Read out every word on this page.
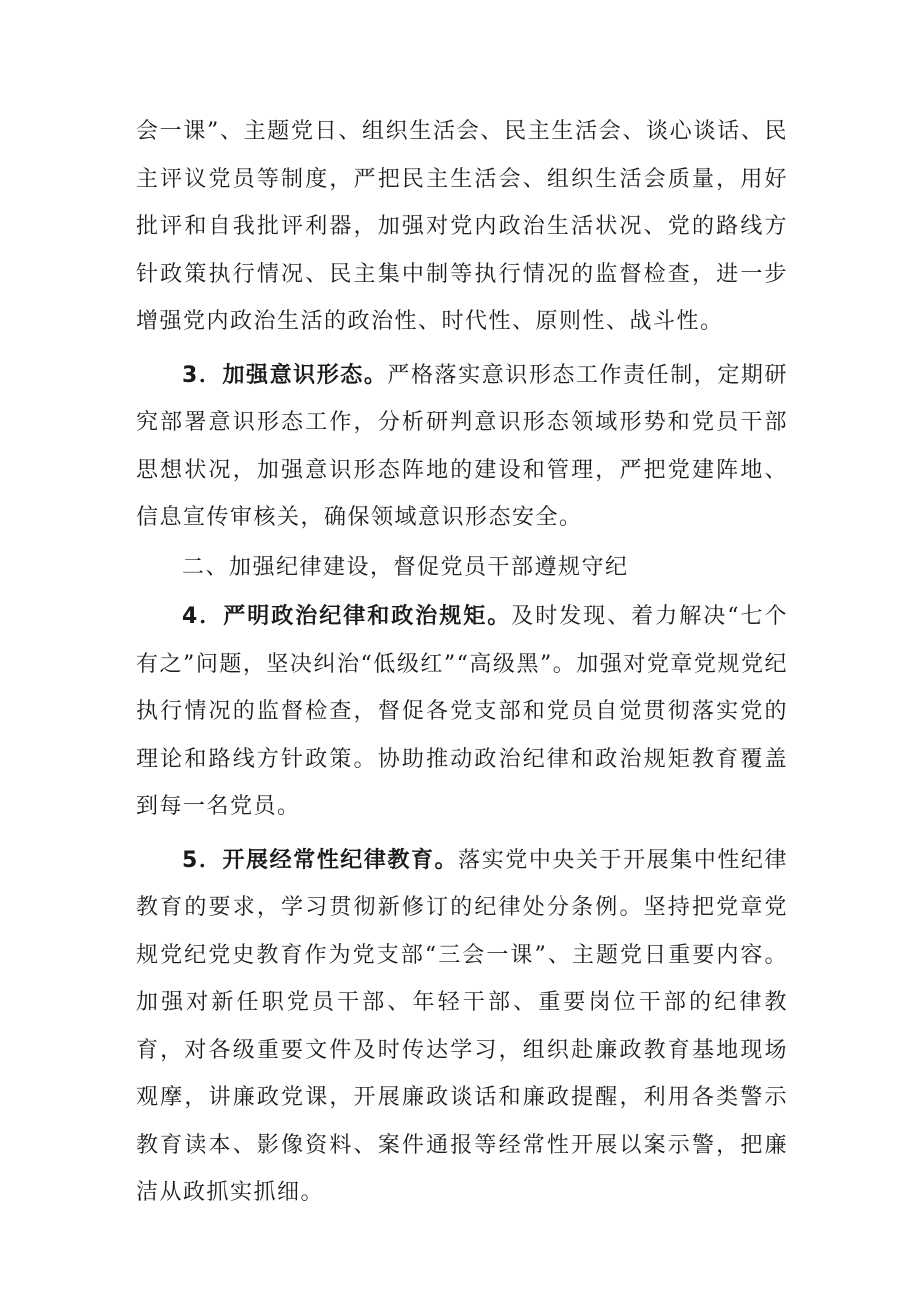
会一课”、主题党日、组织生活会、民主生活会、谈心谈话、民主评议党员等制度，严把民主生活会、组织生活会质量，用好批评和自我批评利器，加强对党内政治生活状况、党的路线方针政策执行情况、民主集中制等执行情况的监督检查，进一步增强党内政治生活的政治性、时代性、原则性、战斗性。

3．加强意识形态。严格落实意识形态工作责任制，定期研究部署意识形态工作，分析研判意识形态领域形势和党员干部思想状况，加强意识形态阵地的建设和管理，严把党建阵地、信息宣传审核关，确保领域意识形态安全。

二、加强纪律建设，督促党员干部遵规守纪

4．严明政治纪律和政治规矩。及时发现、着力解决“七个有之”问题，坚决纠治“低级红”“高级黑”。加强对党章党规党纪执行情况的监督检查，督促各党支部和党员自觉贯彻落实党的理论和路线方针政策。协助推动政治纪律和政治规矩教育覆盖到每一名党员。

5．开展经常性纪律教育。落实党中央关于开展集中性纪律教育的要求，学习贯彻新修订的纪律处分条例。坚持把党章党规党纪党史教育作为党支部“三会一课”、主题党日重要内容。加强对新任职党员干部、年轻干部、重要岗位干部的纪律教育，对各级重要文件及时传达学习，组织赴廉政教育基地现场观摩，讲廉政党课，开展廉政谈话和廉政提醒，利用各类警示教育读本、影像资料、案件通报等经常性开展以案示警，把廉洁从政抓实抓细。
